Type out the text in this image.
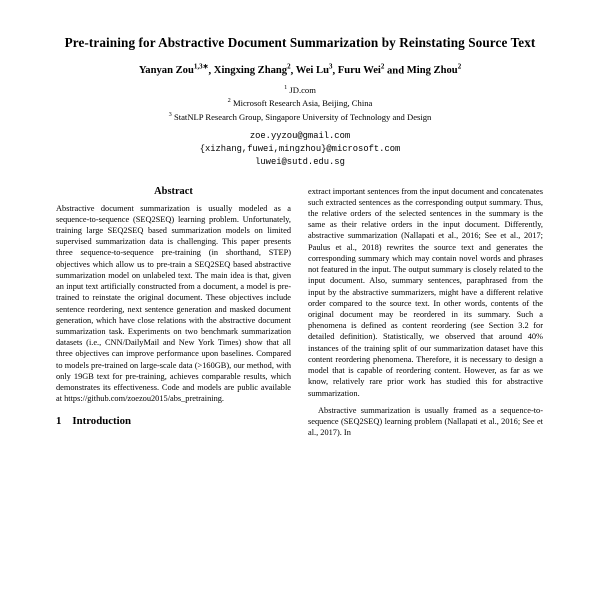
Pre-training for Abstractive Document Summarization by Reinstating Source Text
Yanyan Zou$^{1,3∗}$, Xingxing Zhang$^2$, Wei Lu$^3$, Furu Wei$^2$ and Ming Zhou$^2$
$^1$ JD.com
$^2$ Microsoft Research Asia, Beijing, China
$^3$ StatNLP Research Group, Singapore University of Technology and Design
zoe.yyzou@gmail.com
{xizhang,fuwei,mingzhou}@microsoft.com
luwei@sutd.edu.sg
Abstract

Abstractive document summarization is usually modeled as a sequence-to-sequence (SEQ2SEQ) learning problem. Unfortunately, training large SEQ2SEQ based summarization models on limited supervised summarization data is challenging. This paper presents three sequence-to-sequence pre-training (in shorthand, STEP) objectives which allow us to pre-train a SEQ2SEQ based abstractive summarization model on unlabeled text. The main idea is that, given an input text artificially constructed from a document, a model is pre-trained to reinstate the original document. These objectives include sentence reordering, next sentence generation and masked document generation, which have close relations with the abstractive document summarization task. Experiments on two benchmark summarization datasets (i.e., CNN/DailyMail and New York Times) show that all three objectives can improve performance upon baselines. Compared to models pre-trained on large-scale data (>160GB), our method, with only 19GB text for pre-training, achieves comparable results, which demonstrates its effectiveness. Code and models are public available at https://github.com/zoezou2015/abs_pretraining.

1 Introduction

extract important sentences from the input document and concatenates such extracted sentences as the corresponding output summary. Thus, the relative orders of the selected sentences in the summary is the same as their relative orders in the input document. Differently, abstractive summarization (Nallapati et al., 2016; See et al., 2017; Paulus et al., 2018) rewrites the source text and generates the corresponding summary which may contain novel words and phrases not featured in the input. The output summary is closely related to the input document. Also, summary sentences, paraphrased from the input by the abstractive summarizers, might have a different relative order compared to the source text. In other words, contents of the original document may be reordered in its summary. Such a phenomena is defined as content reordering (see Section 3.2 for detailed definition). Statistically, we observed that around 40% instances of the training split of our summarization dataset have this content reordering phenomena. Therefore, it is necessary to design a model that is capable of reordering content. However, as far as we know, relatively rare prior work has studied this for abstractive summarization.

Abstractive summarization is usually framed as a sequence-to-sequence (SEQ2SEQ) learning problem (Nallapati et al., 2016; See et al., 2017). In
